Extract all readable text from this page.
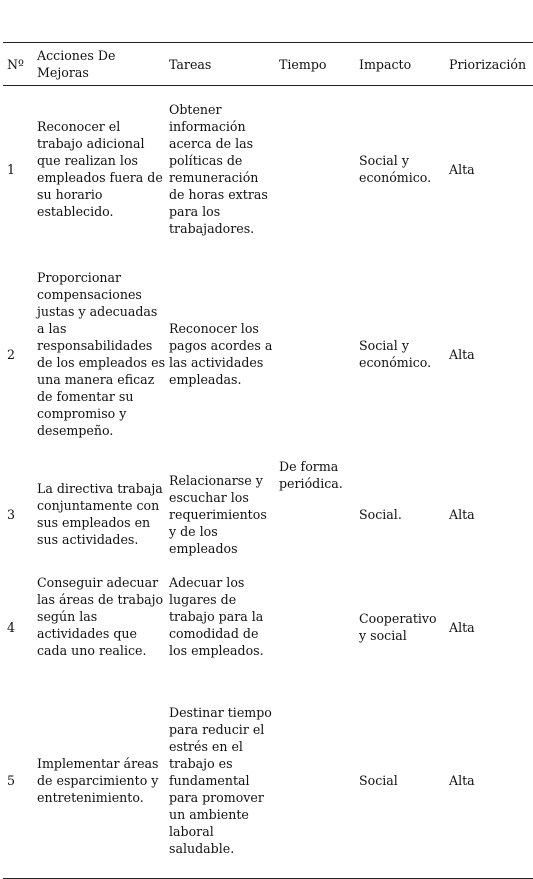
Nº	Acciones De Mejoras	Tareas	Tiempo	Impacto	Priorización
1	Reconocer el trabajo adicional que realizan los empleados fuera de su horario establecido.	Obtener información acerca de las políticas de remuneración de horas extras para los trabajadores.		Social y económico.	Alta
2	Proporcionar compensaciones justas y adecuadas a las responsabilidades de los empleados es una manera eficaz de fomentar su compromiso y desempeño.	Reconocer los pagos acordes a las actividades empleadas.		Social y económico.	Alta
3	La directiva trabaja conjuntamente con sus empleados en sus actividades.	Relacionarse y escuchar los requerimientos y de los empleados	De forma periódica.	Social.	Alta
4	Conseguir adecuar las áreas de trabajo según las actividades que cada uno realice.	Adecuar los lugares de trabajo para la comodidad de los empleados.		Cooperativo y social	Alta
5	Implementar áreas de esparcimiento y entretenimiento.	Destinar tiempo para reducir el estrés en el trabajo es fundamental para promover un ambiente laboral saludable.		Social	Alta
